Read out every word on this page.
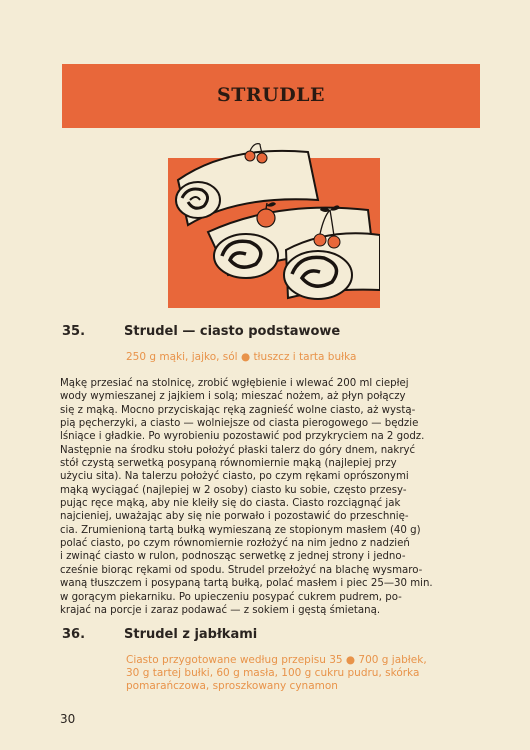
STRUDLE
35.	Strudel — ciasto podstawowe
250 g mąki, jajko, sól ● tłuszcz i tarta bułka
Mąkę przesiać na stolnicę, zrobić wgłębienie i wlewać 200 ml ciepłej
wody wymieszanej z jajkiem i solą; mieszać nożem, aż płyn połączy
się z mąką. Mocno przyciskając ręką zagnieść wolne ciasto, aż wystą-
pią pęcherzyki, a ciasto — wolniejsze od ciasta pierogowego — będzie
lśniące i gładkie. Po wyrobieniu pozostawić pod przykryciem na 2 godz.
Następnie na środku stołu położyć płaski talerz do góry dnem, nakryć
stół czystą serwetką posypaną równomiernie mąką (najlepiej przy
użyciu sita). Na talerzu położyć ciasto, po czym rękami oprószonymi
mąką wyciągać (najlepiej w 2 osoby) ciasto ku sobie, często przesy-
pując ręce mąką, aby nie kleiły się do ciasta. Ciasto rozciągnąć jak
najcieniej, uważając aby się nie porwało i pozostawić do przeschnię-
cia. Zrumienioną tartą bułką wymieszaną ze stopionym masłem (40 g)
polać ciasto, po czym równomiernie rozłożyć na nim jedno z nadzień
i zwinąć ciasto w rulon, podnosząc serwetkę z jednej strony i jedno-
cześnie biorąc rękami od spodu. Strudel przełożyć na blachę wysmaro-
waną tłuszczem i posypaną tartą bułką, polać masłem i piec 25—30 min.
w gorącym piekarniku. Po upieczeniu posypać cukrem pudrem, po-
krajać na porcje i zaraz podawać — z sokiem i gęstą śmietaną.
36.	Strudel z jabłkami
Ciasto przygotowane według przepisu 35 ● 700 g jabłek,
30 g tartej bułki, 60 g masła, 100 g cukru pudru, skórka
pomarańczowa, sproszkowany cynamon
30
